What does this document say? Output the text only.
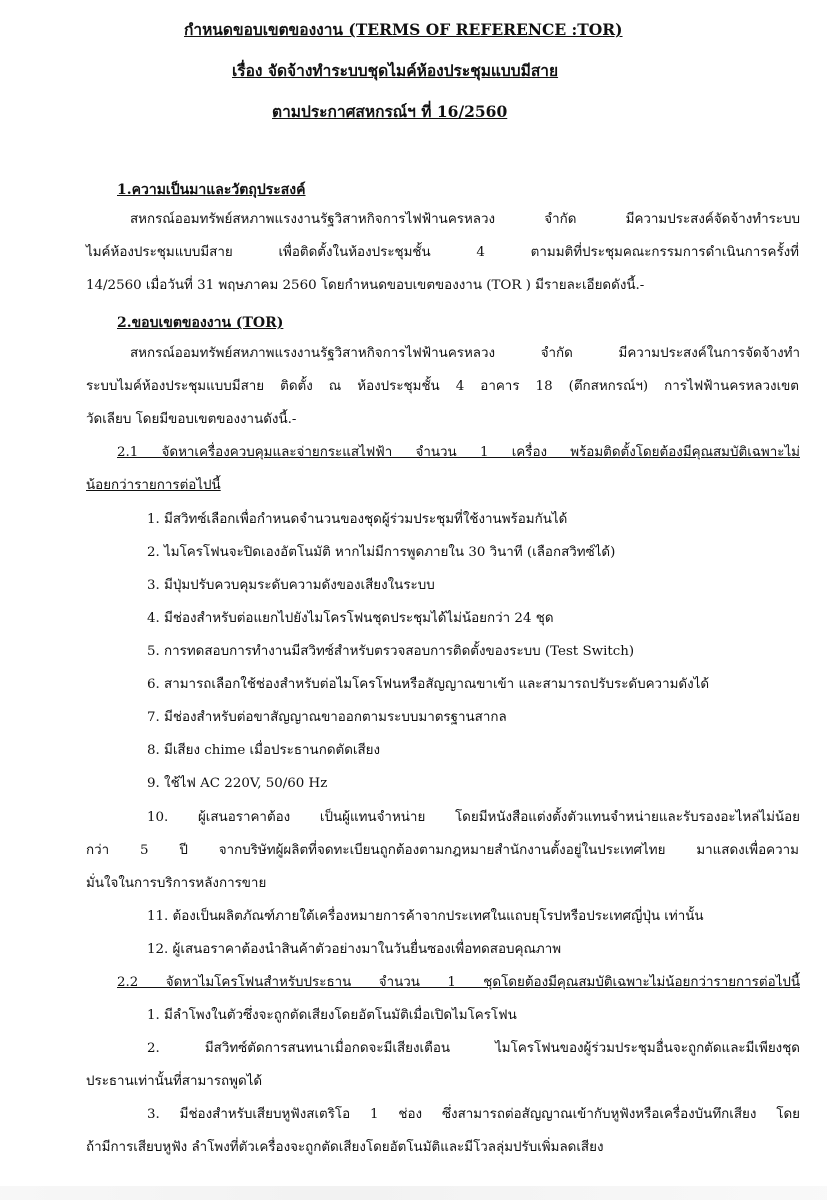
กำหนดขอบเขตของงาน (TERMS OF REFERENCE :TOR)
เรื่อง จัดจ้างทำระบบชุดไมค์ห้องประชุมแบบมีสาย
ตามประกาศสหกรณ์ฯ ที่ 16/2560
1.ความเป็นมาและวัตถุประสงค์
สหกรณ์ออมทรัพย์สหภาพแรงงานรัฐวิสาหกิจการไฟฟ้านครหลวง จำกัด มีความประสงค์จัดจ้างทำระบบ
ไมค์ห้องประชุมแบบมีสาย เพื่อติดตั้งในห้องประชุมชั้น 4 ตามมติที่ประชุมคณะกรรมการดำเนินการครั้งที่
14/2560 เมื่อวันที่ 31 พฤษภาคม 2560 โดยกำหนดขอบเขตของงาน (TOR ) มีรายละเอียดดังนี้.-
2.ขอบเขตของงาน (TOR)
สหกรณ์ออมทรัพย์สหภาพแรงงานรัฐวิสาหกิจการไฟฟ้านครหลวง จำกัด มีความประสงค์ในการจัดจ้างทำ
ระบบไมค์ห้องประชุมแบบมีสาย ติดตั้ง ณ ห้องประชุมชั้น 4 อาคาร 18 (ตึกสหกรณ์ฯ) การไฟฟ้านครหลวงเขต
วัดเลียบ โดยมีขอบเขตของงานดังนี้.-
2.1 จัดหาเครื่องควบคุมและจ่ายกระแสไฟฟ้า จำนวน 1 เครื่อง พร้อมติดตั้งโดยต้องมีคุณสมบัติเฉพาะไม่
น้อยกว่ารายการต่อไปนี้
1. มีสวิทซ์เลือกเพื่อกำหนดจำนวนของชุดผู้ร่วมประชุมที่ใช้งานพร้อมกันได้
2. ไมโครโฟนจะปิดเองอัตโนมัติ หากไม่มีการพูดภายใน 30 วินาที (เลือกสวิทซ์ได้)
3. มีปุ่มปรับควบคุมระดับความดังของเสียงในระบบ
4. มีช่องสำหรับต่อแยกไปยังไมโครโฟนชุดประชุมได้ไม่น้อยกว่า 24 ชุด
5. การทดสอบการทำงานมีสวิทซ์สำหรับตรวจสอบการติดตั้งของระบบ (Test Switch)
6. สามารถเลือกใช้ช่องสำหรับต่อไมโครโฟนหรือสัญญาณขาเข้า และสามารถปรับระดับความดังได้
7. มีช่องสำหรับต่อขาสัญญาณขาออกตามระบบมาตรฐานสากล
8. มีเสียง chime เมื่อประธานกดตัดเสียง
9. ใช้ไฟ AC 220V, 50/60 Hz
10. ผู้เสนอราคาต้อง เป็นผู้แทนจำหน่าย โดยมีหนังสือแต่งตั้งตัวแทนจำหน่ายและรับรองอะไหล่ไม่น้อย
กว่า 5 ปี จากบริษัทผู้ผลิตที่จดทะเบียนถูกต้องตามกฎหมายสำนักงานตั้งอยู่ในประเทศไทย มาแสดงเพื่อความ
มั่นใจในการบริการหลังการขาย
11. ต้องเป็นผลิตภัณฑ์ภายใต้เครื่องหมายการค้าจากประเทศในแถบยุโรปหรือประเทศญี่ปุ่น เท่านั้น
12. ผู้เสนอราคาต้องนำสินค้าตัวอย่างมาในวันยื่นซองเพื่อทดสอบคุณภาพ
2.2 จัดหาไมโครโฟนสำหรับประธาน จำนวน 1 ชุดโดยต้องมีคุณสมบัติเฉพาะไม่น้อยกว่ารายการต่อไปนี้
1. มีลำโพงในตัวซึ่งจะถูกตัดเสียงโดยอัตโนมัติเมื่อเปิดไมโครโฟน
2. มีสวิทซ์ตัดการสนทนาเมื่อกดจะมีเสียงเตือน ไมโครโฟนของผู้ร่วมประชุมอื่นจะถูกตัดและมีเพียงชุด
ประธานเท่านั้นที่สามารถพูดได้
3. มีช่องสำหรับเสียบหูฟังสเตริโอ 1 ช่อง ซึ่งสามารถต่อสัญญาณเข้ากับหูฟังหรือเครื่องบันทึกเสียง โดย
ถ้ามีการเสียบหูฟัง ลำโพงที่ตัวเครื่องจะถูกตัดเสียงโดยอัตโนมัติและมีโวลลุ่มปรับเพิ่มลดเสียง
